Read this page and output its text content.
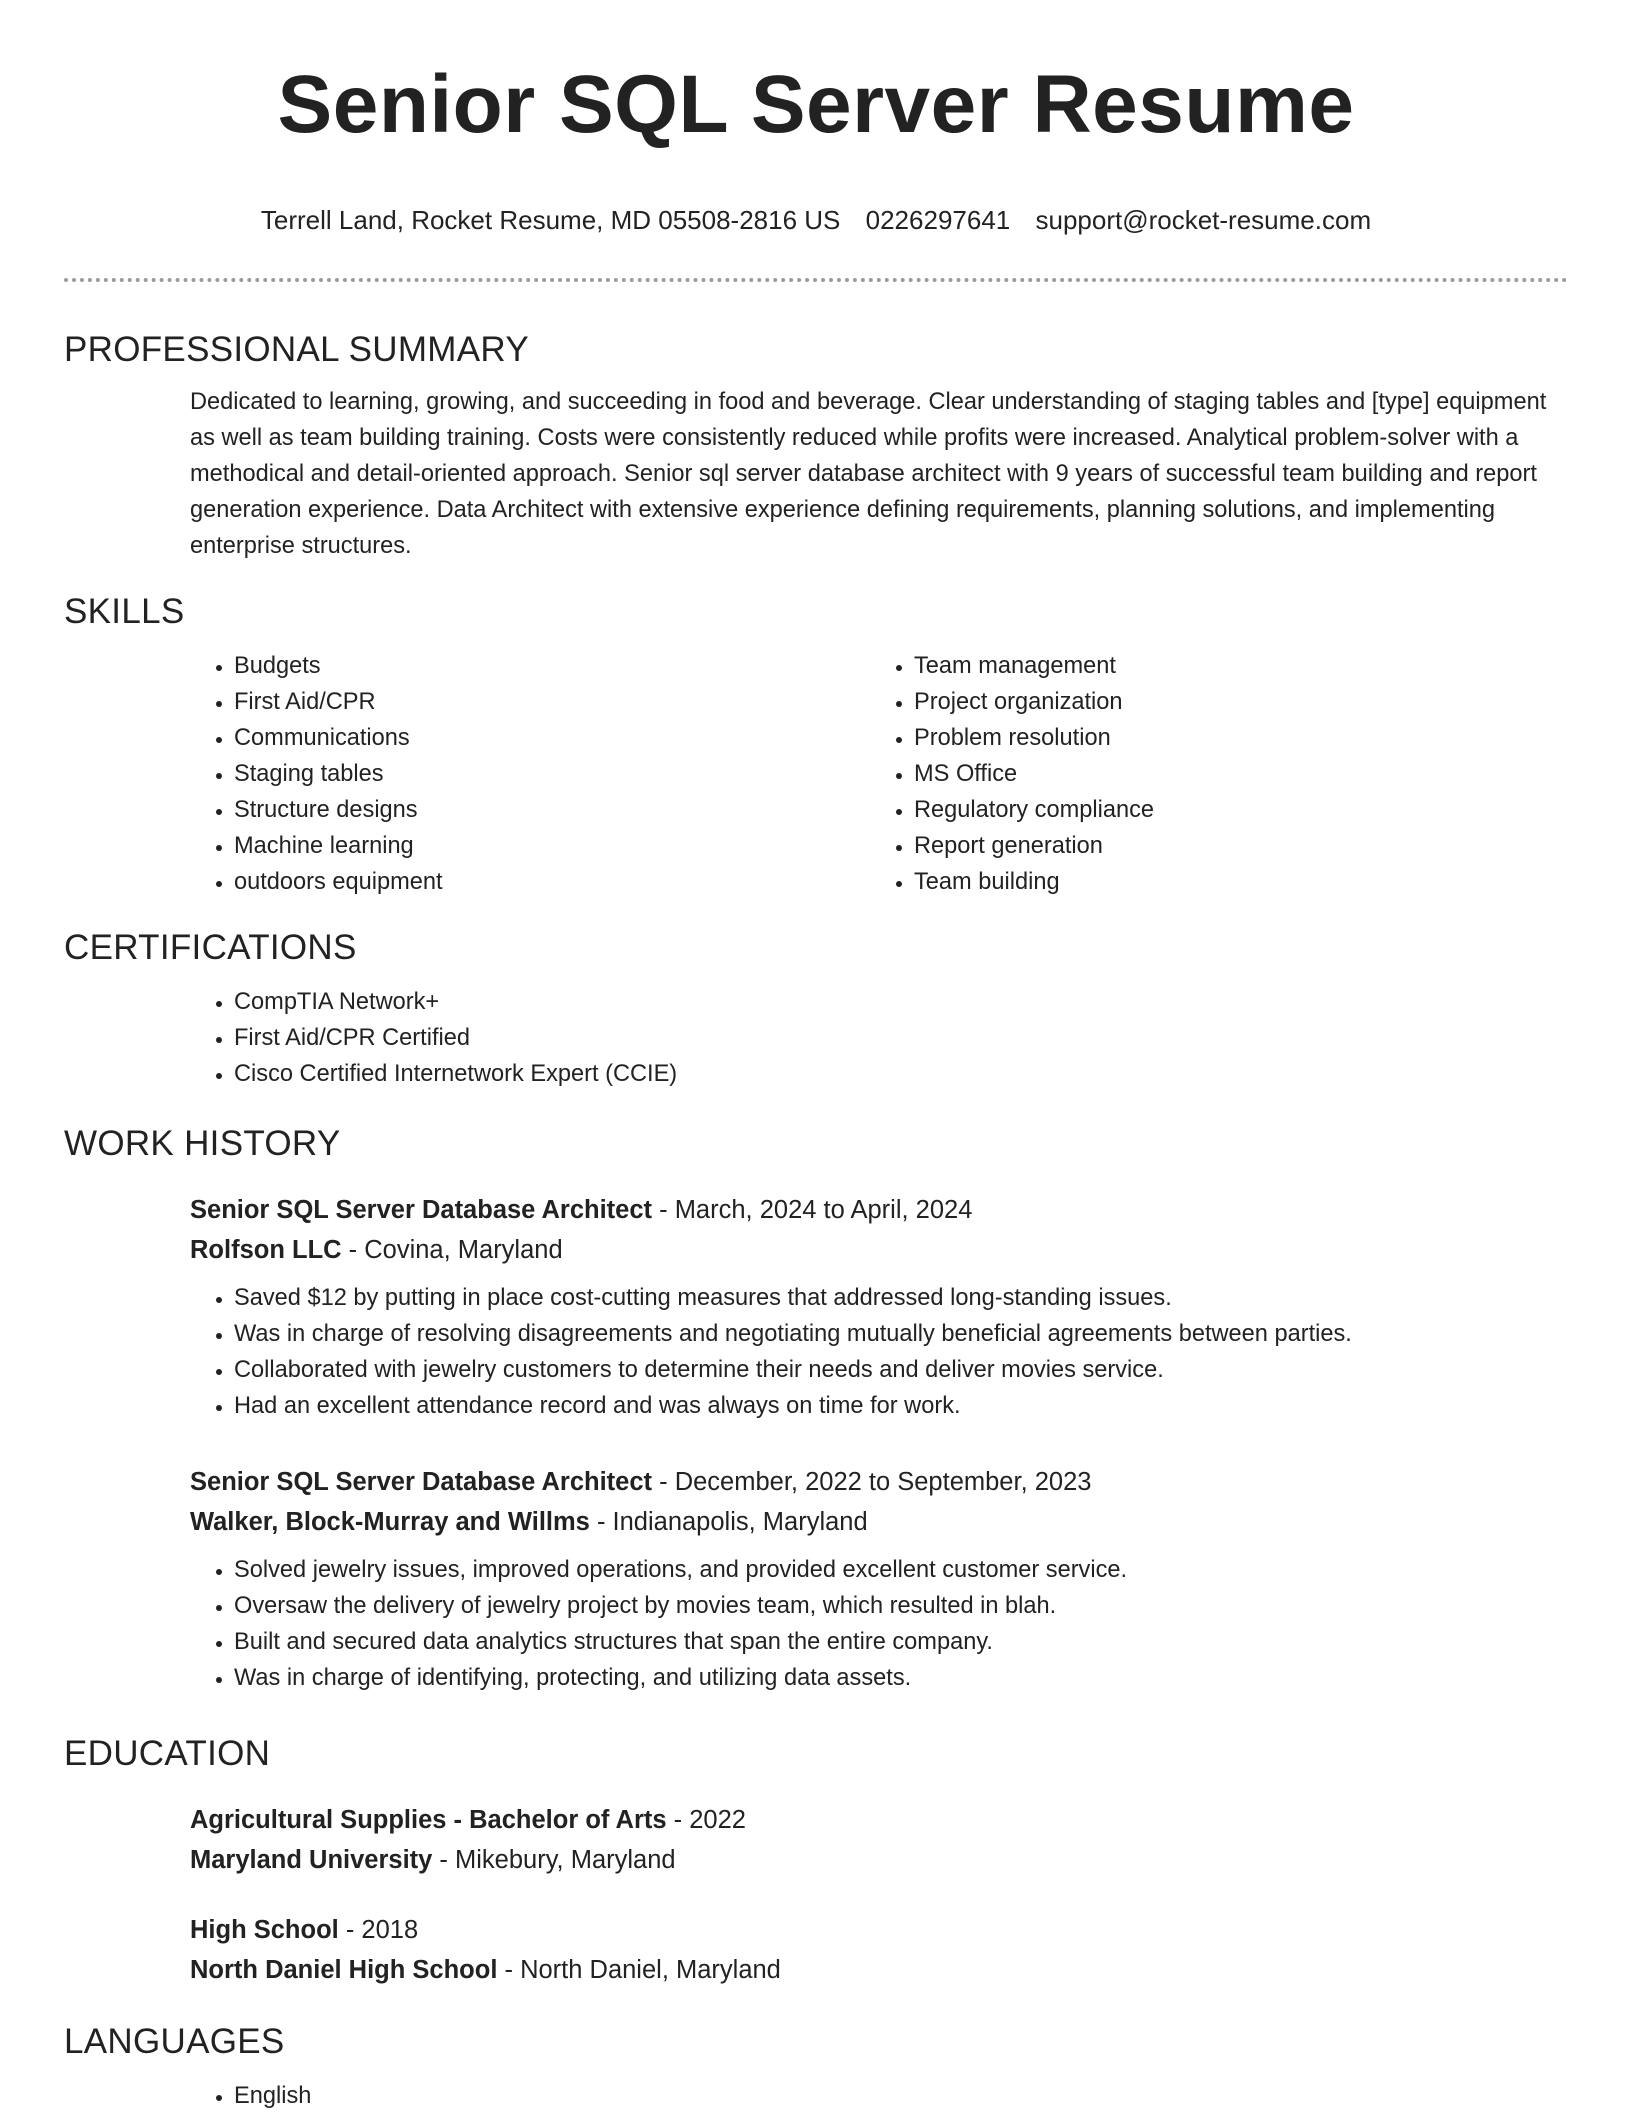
Senior SQL Server Resume
Terrell Land, Rocket Resume, MD 05508-2816 US 0226297641 support@rocket-resume.com
PROFESSIONAL SUMMARY

Dedicated to learning, growing, and succeeding in food and beverage. Clear understanding of staging tables and [type] equipment as well as team building training. Costs were consistently reduced while profits were increased. Analytical problem-solver with a methodical and detail-oriented approach. Senior sql server database architect with 9 years of successful team building and report generation experience. Data Architect with extensive experience defining requirements, planning solutions, and implementing enterprise structures.

SKILLS
• Budgets
• First Aid/CPR
• Communications
• Staging tables
• Structure designs
• Machine learning
• outdoors equipment
• Team management
• Project organization
• Problem resolution
• MS Office
• Regulatory compliance
• Report generation
• Team building
CERTIFICATIONS
• CompTIA Network+
• First Aid/CPR Certified
• Cisco Certified Internetwork Expert (CCIE)
WORK HISTORY
Senior SQL Server Database Architect - March, 2024 to April, 2024
Rolfson LLC - Covina, Maryland
• Saved $12 by putting in place cost-cutting measures that addressed long-standing issues.
• Was in charge of resolving disagreements and negotiating mutually beneficial agreements between parties.
• Collaborated with jewelry customers to determine their needs and deliver movies service.
• Had an excellent attendance record and was always on time for work.
Senior SQL Server Database Architect - December, 2022 to September, 2023
Walker, Block-Murray and Willms - Indianapolis, Maryland
• Solved jewelry issues, improved operations, and provided excellent customer service.
• Oversaw the delivery of jewelry project by movies team, which resulted in blah.
• Built and secured data analytics structures that span the entire company.
• Was in charge of identifying, protecting, and utilizing data assets.
EDUCATION
Agricultural Supplies - Bachelor of Arts - 2022
Maryland University - Mikebury, Maryland
High School - 2018
North Daniel High School - North Daniel, Maryland
LANGUAGES
• English
